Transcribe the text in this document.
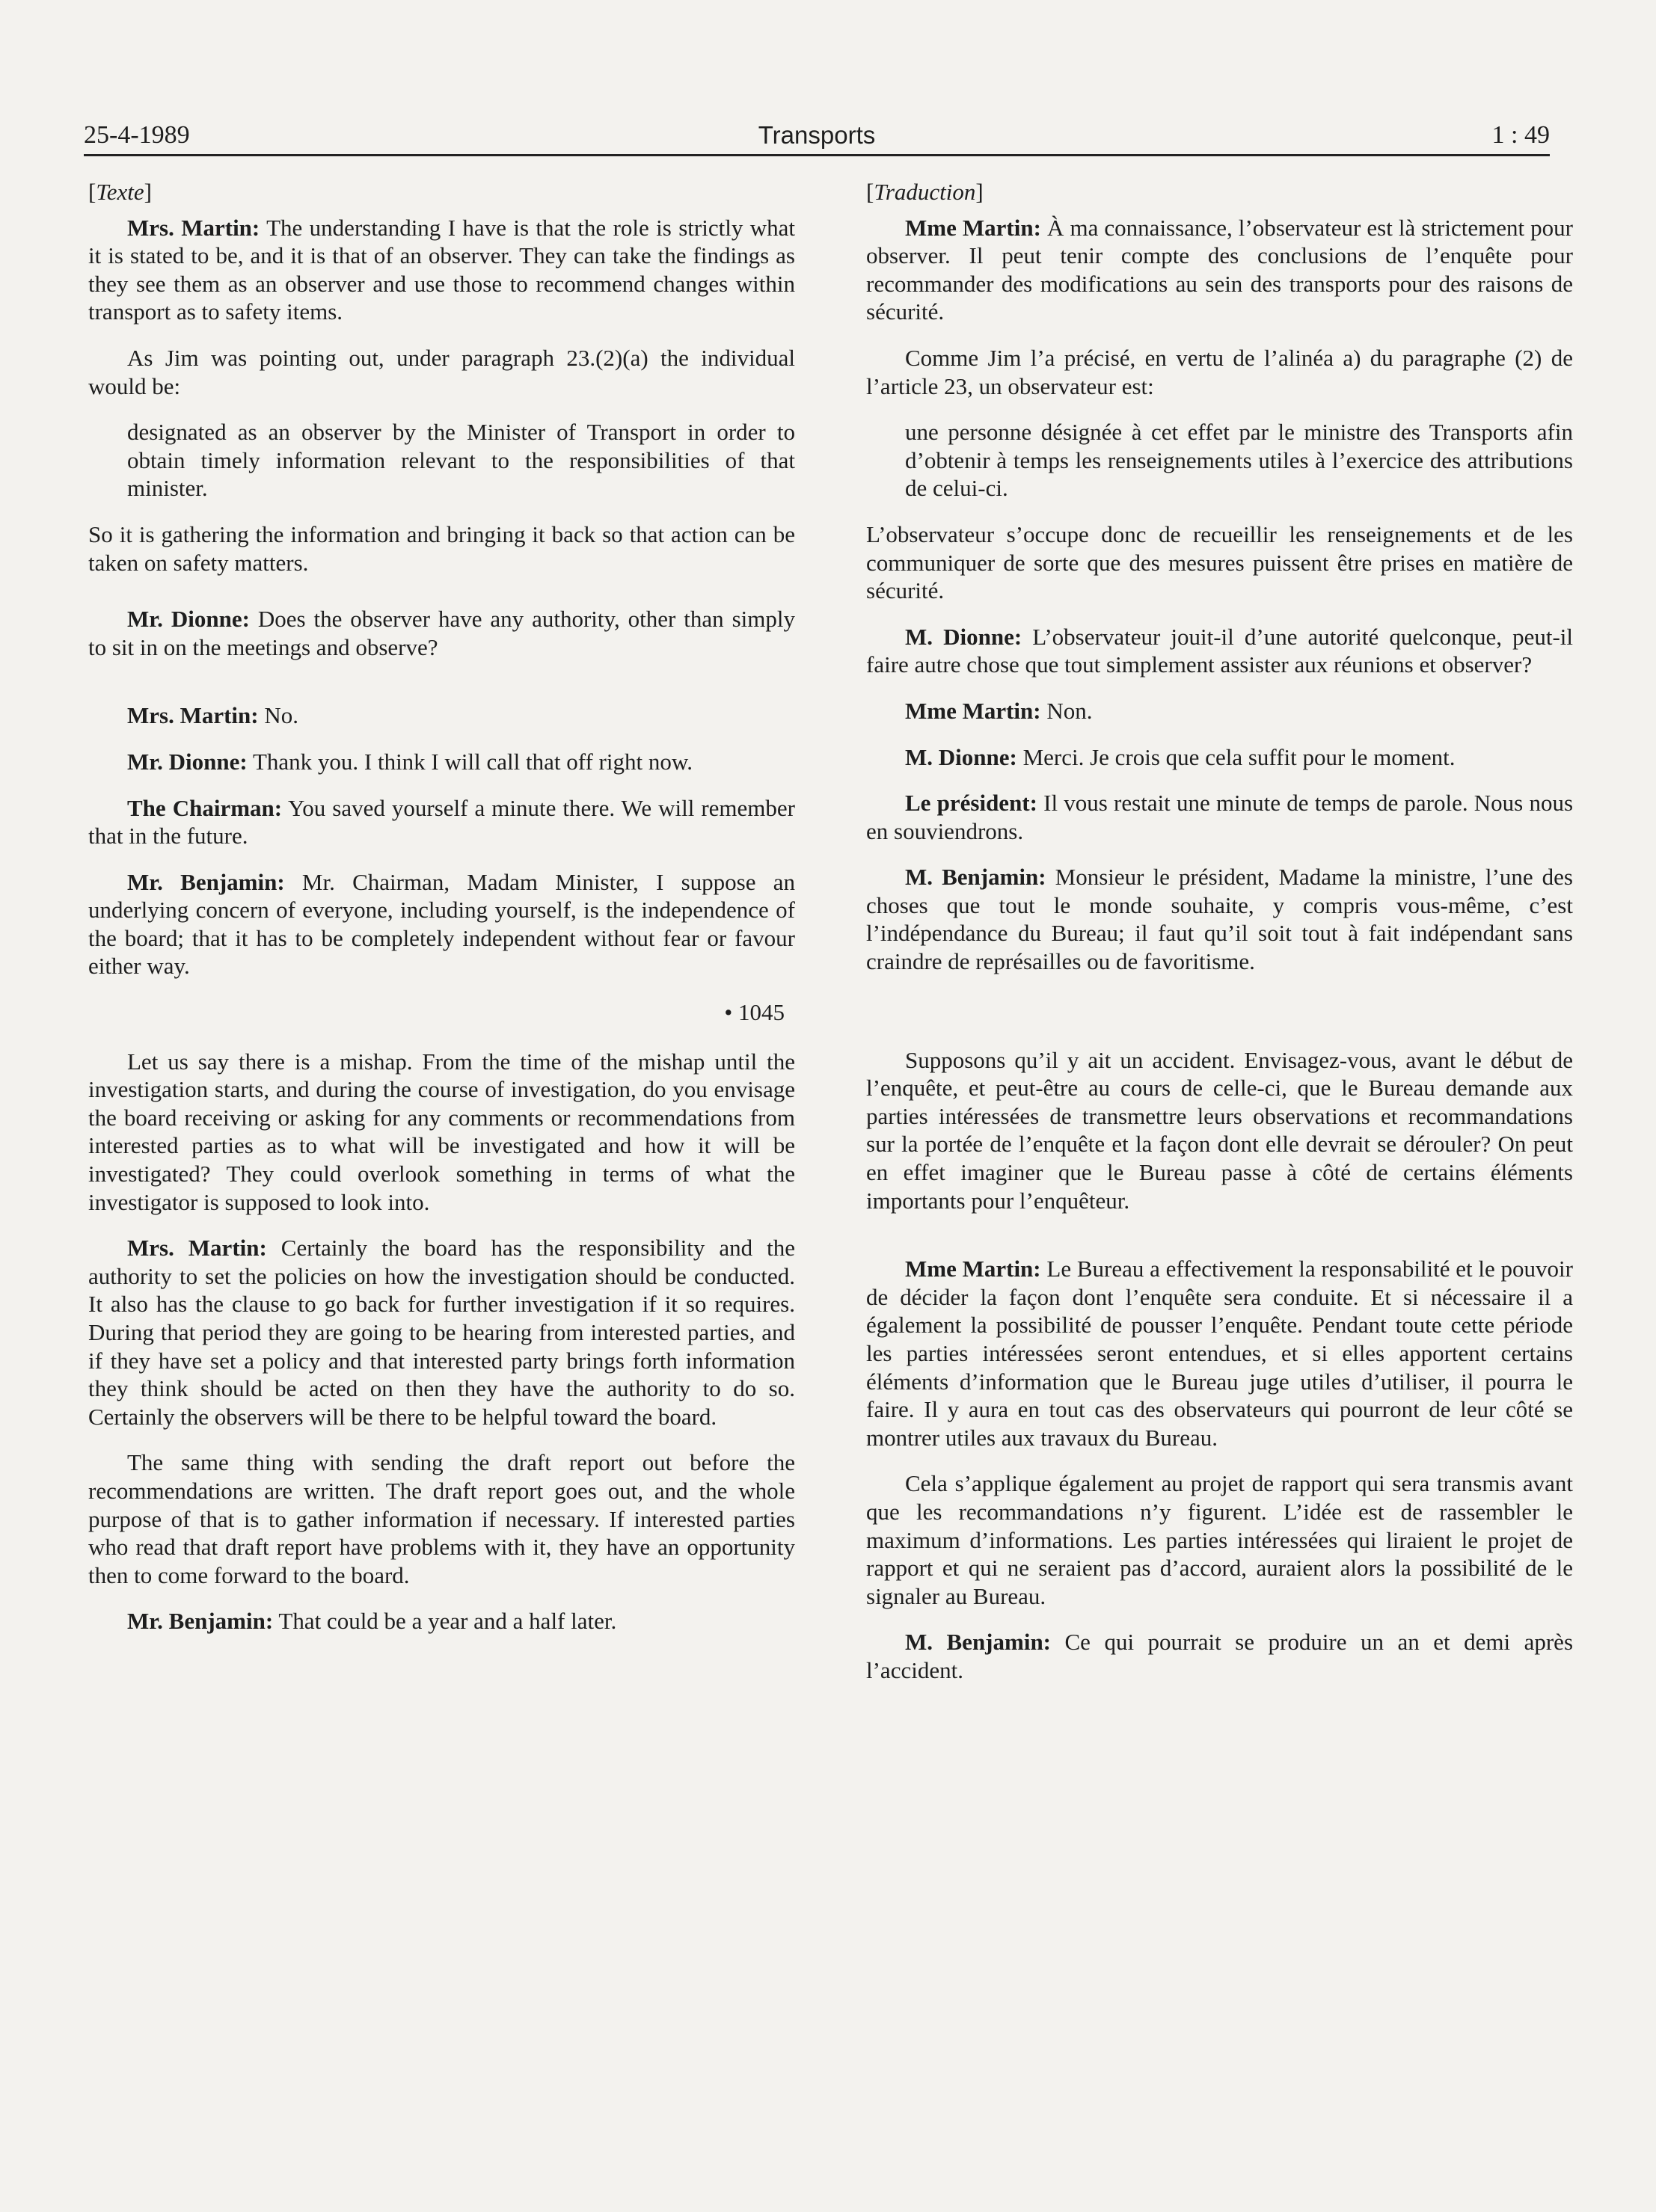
25-4-1989	Transports	1 : 49

[Texte]

Mrs. Martin: The understanding I have is that the role is strictly what it is stated to be, and it is that of an observer. They can take the findings as they see them as an observer and use those to recommend changes within transport as to safety items.

As Jim was pointing out, under paragraph 23.(2)(a) the individual would be:

designated as an observer by the Minister of Transport in order to obtain timely information relevant to the responsibilities of that minister.

So it is gathering the information and bringing it back so that action can be taken on safety matters.

Mr. Dionne: Does the observer have any authority, other than simply to sit in on the meetings and observe?

Mrs. Martin: No.

Mr. Dionne: Thank you. I think I will call that off right now.

The Chairman: You saved yourself a minute there. We will remember that in the future.

Mr. Benjamin: Mr. Chairman, Madam Minister, I suppose an underlying concern of everyone, including yourself, is the independence of the board; that it has to be completely independent without fear or favour either way.

• 1045

Let us say there is a mishap. From the time of the mishap until the investigation starts, and during the course of investigation, do you envisage the board receiving or asking for any comments or recommendations from interested parties as to what will be investigated and how it will be investigated? They could overlook something in terms of what the investigator is supposed to look into.

Mrs. Martin: Certainly the board has the responsibility and the authority to set the policies on how the investigation should be conducted. It also has the clause to go back for further investigation if it so requires. During that period they are going to be hearing from interested parties, and if they have set a policy and that interested party brings forth information they think should be acted on then they have the authority to do so. Certainly the observers will be there to be helpful toward the board.

The same thing with sending the draft report out before the recommendations are written. The draft report goes out, and the whole purpose of that is to gather information if necessary. If interested parties who read that draft report have problems with it, they have an opportunity then to come forward to the board.

Mr. Benjamin: That could be a year and a half later.

[Traduction]

Mme Martin: À ma connaissance, l’observateur est là strictement pour observer. Il peut tenir compte des conclusions de l’enquête pour recommander des modifications au sein des transports pour des raisons de sécurité.

Comme Jim l’a précisé, en vertu de l’alinéa a) du paragraphe (2) de l’article 23, un observateur est:

une personne désignée à cet effet par le ministre des Transports afin d’obtenir à temps les renseignements utiles à l’exercice des attributions de celui-ci.

L’observateur s’occupe donc de recueillir les renseignements et de les communiquer de sorte que des mesures puissent être prises en matière de sécurité.

M. Dionne: L’observateur jouit-il d’une autorité quelconque, peut-il faire autre chose que tout simplement assister aux réunions et observer?

Mme Martin: Non.

M. Dionne: Merci. Je crois que cela suffit pour le moment.

Le président: Il vous restait une minute de temps de parole. Nous nous en souviendrons.

M. Benjamin: Monsieur le président, Madame la ministre, l’une des choses que tout le monde souhaite, y compris vous-même, c’est l’indépendance du Bureau; il faut qu’il soit tout à fait indépendant sans craindre de représailles ou de favoritisme.

Supposons qu’il y ait un accident. Envisagez-vous, avant le début de l’enquête, et peut-être au cours de celle-ci, que le Bureau demande aux parties intéressées de transmettre leurs observations et recommandations sur la portée de l’enquête et la façon dont elle devrait se dérouler? On peut en effet imaginer que le Bureau passe à côté de certains éléments importants pour l’enquêteur.

Mme Martin: Le Bureau a effectivement la responsabilité et le pouvoir de décider la façon dont l’enquête sera conduite. Et si nécessaire il a également la possibilité de pousser l’enquête. Pendant toute cette période les parties intéressées seront entendues, et si elles apportent certains éléments d’information que le Bureau juge utiles d’utiliser, il pourra le faire. Il y aura en tout cas des observateurs qui pourront de leur côté se montrer utiles aux travaux du Bureau.

Cela s’applique également au projet de rapport qui sera transmis avant que les recommandations n’y figurent. L’idée est de rassembler le maximum d’informations. Les parties intéressées qui liraient le projet de rapport et qui ne seraient pas d’accord, auraient alors la possibilité de le signaler au Bureau.

M. Benjamin: Ce qui pourrait se produire un an et demi après l’accident.
